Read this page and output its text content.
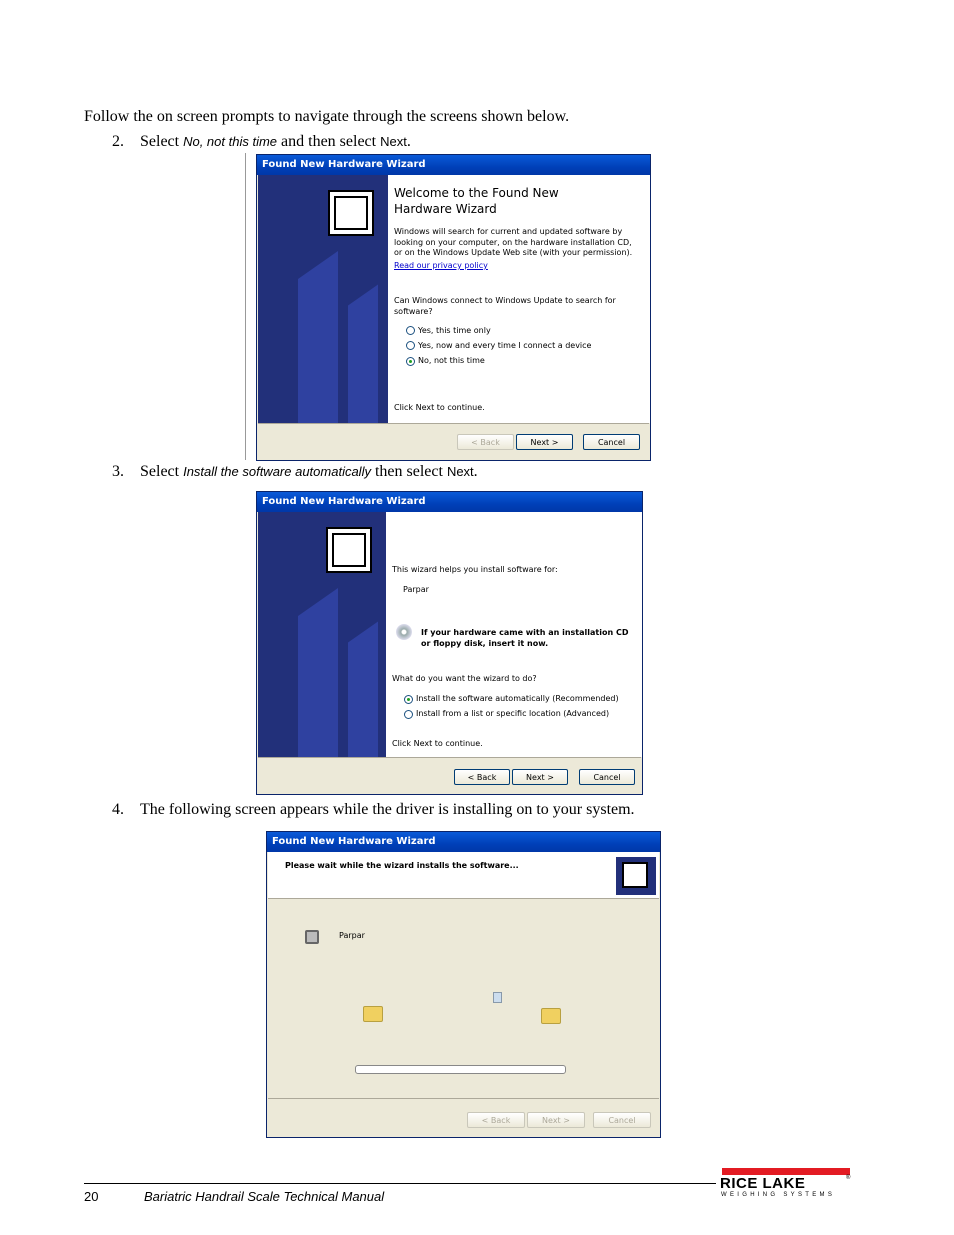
Follow the on screen prompts to navigate through the screens shown below.
2. Select No, not this time and then select Next.
Found New Hardware Wizard
Welcome to the Found New Hardware Wizard
Windows will search for current and updated software by looking on your computer, on the hardware installation CD, or on the Windows Update Web site (with your permission).
Read our privacy policy
Can Windows connect to Windows Update to search for software?
Yes, this time only
Yes, now and every time I connect a device
No, not this time
Click Next to continue.
< Back	Next >	Cancel
3. Select Install the software automatically then select Next.
Found New Hardware Wizard
This wizard helps you install software for:
Parpar
If your hardware came with an installation CD or floppy disk, insert it now.
What do you want the wizard to do?
Install the software automatically (Recommended)
Install from a list or specific location (Advanced)
Click Next to continue.
< Back	Next >	Cancel
4. The following screen appears while the driver is installing on to your system.
Found New Hardware Wizard
Please wait while the wizard installs the software...
Parpar
< Back	Next >	Cancel
20	Bariatric Handrail Scale Technical Manual
RICE LAKE	®
WEIGHING SYSTEMS
